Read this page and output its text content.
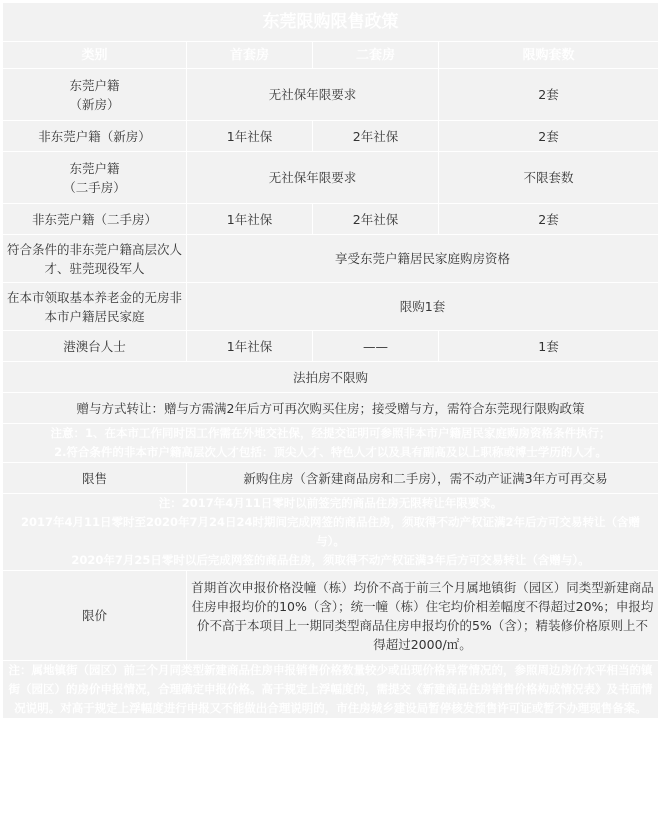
东莞限购限售政策			
类别	首套房	二套房	限购套数
东莞户籍
（新房）	无社保年限要求		2套
非东莞户籍（新房）	1年社保	2年社保	2套
东莞户籍
（二手房）	无社保年限要求		不限套数
非东莞户籍（二手房）	1年社保	2年社保	2套
符合条件的非东莞户籍高层次人才、驻莞现役军人	享受东莞户籍居民家庭购房资格		
在本市领取基本养老金的无房非本市户籍居民家庭	限购1套		
港澳台人士	1年社保	——	1套
法拍房不限购			
赠与方式转让：赠与方需满2年后方可再次购买住房；接受赠与方，需符合东莞现行限购政策			
注意：1、在本市工作同时因工作需在外地交社保，经提交证明可参照非本市户籍居民家庭购房资格条件执行；
2.符合条件的非本市户籍高层次人才包括：顶尖人才、特色人才以及具有副高及以上职称或博士学历的人才。			
限售	新购住房（含新建商品房和二手房），需不动产证满3年方可再交易		
注：2017年4月11日零时以前签完的商品住房无限转让年限要求。
2017年4月11日零时至2020年7月24日24时期间完成网签的商品住房，须取得不动产权证满2年后方可交易转让（含赠与）。
2020年7月25日零时以后完成网签的商品住房，须取得不动产权证满3年后方可交易转让（含赠与）。			
限价	首期首次申报价格没幢（栋）均价不高于前三个月属地镇街（园区）同类型新建商品住房申报均价的10%（含）；统一幢（栋）住宅均价相差幅度不得超过20%；申报均价不高于本项目上一期同类型商品住房申报均价的5%（含）；精装修价格原则上不得超过2000/㎡。		
注：属地镇街（园区）前三个月同类型新建商品住房申报销售价格数量较少或出现价格异常情况的，参照周边房价水平相当的镇街（园区）的房价申报情况，合理确定申报价格。高于规定上浮幅度的，需提交《新建商品住房销售价格构成情况表》及书面情况说明。对高于规定上浮幅度进行申报又不能做出合理说明的，市住房城乡建设局暂停核发预售许可证或暂不办理现售备案。			
知乎 @东莞卖房君
